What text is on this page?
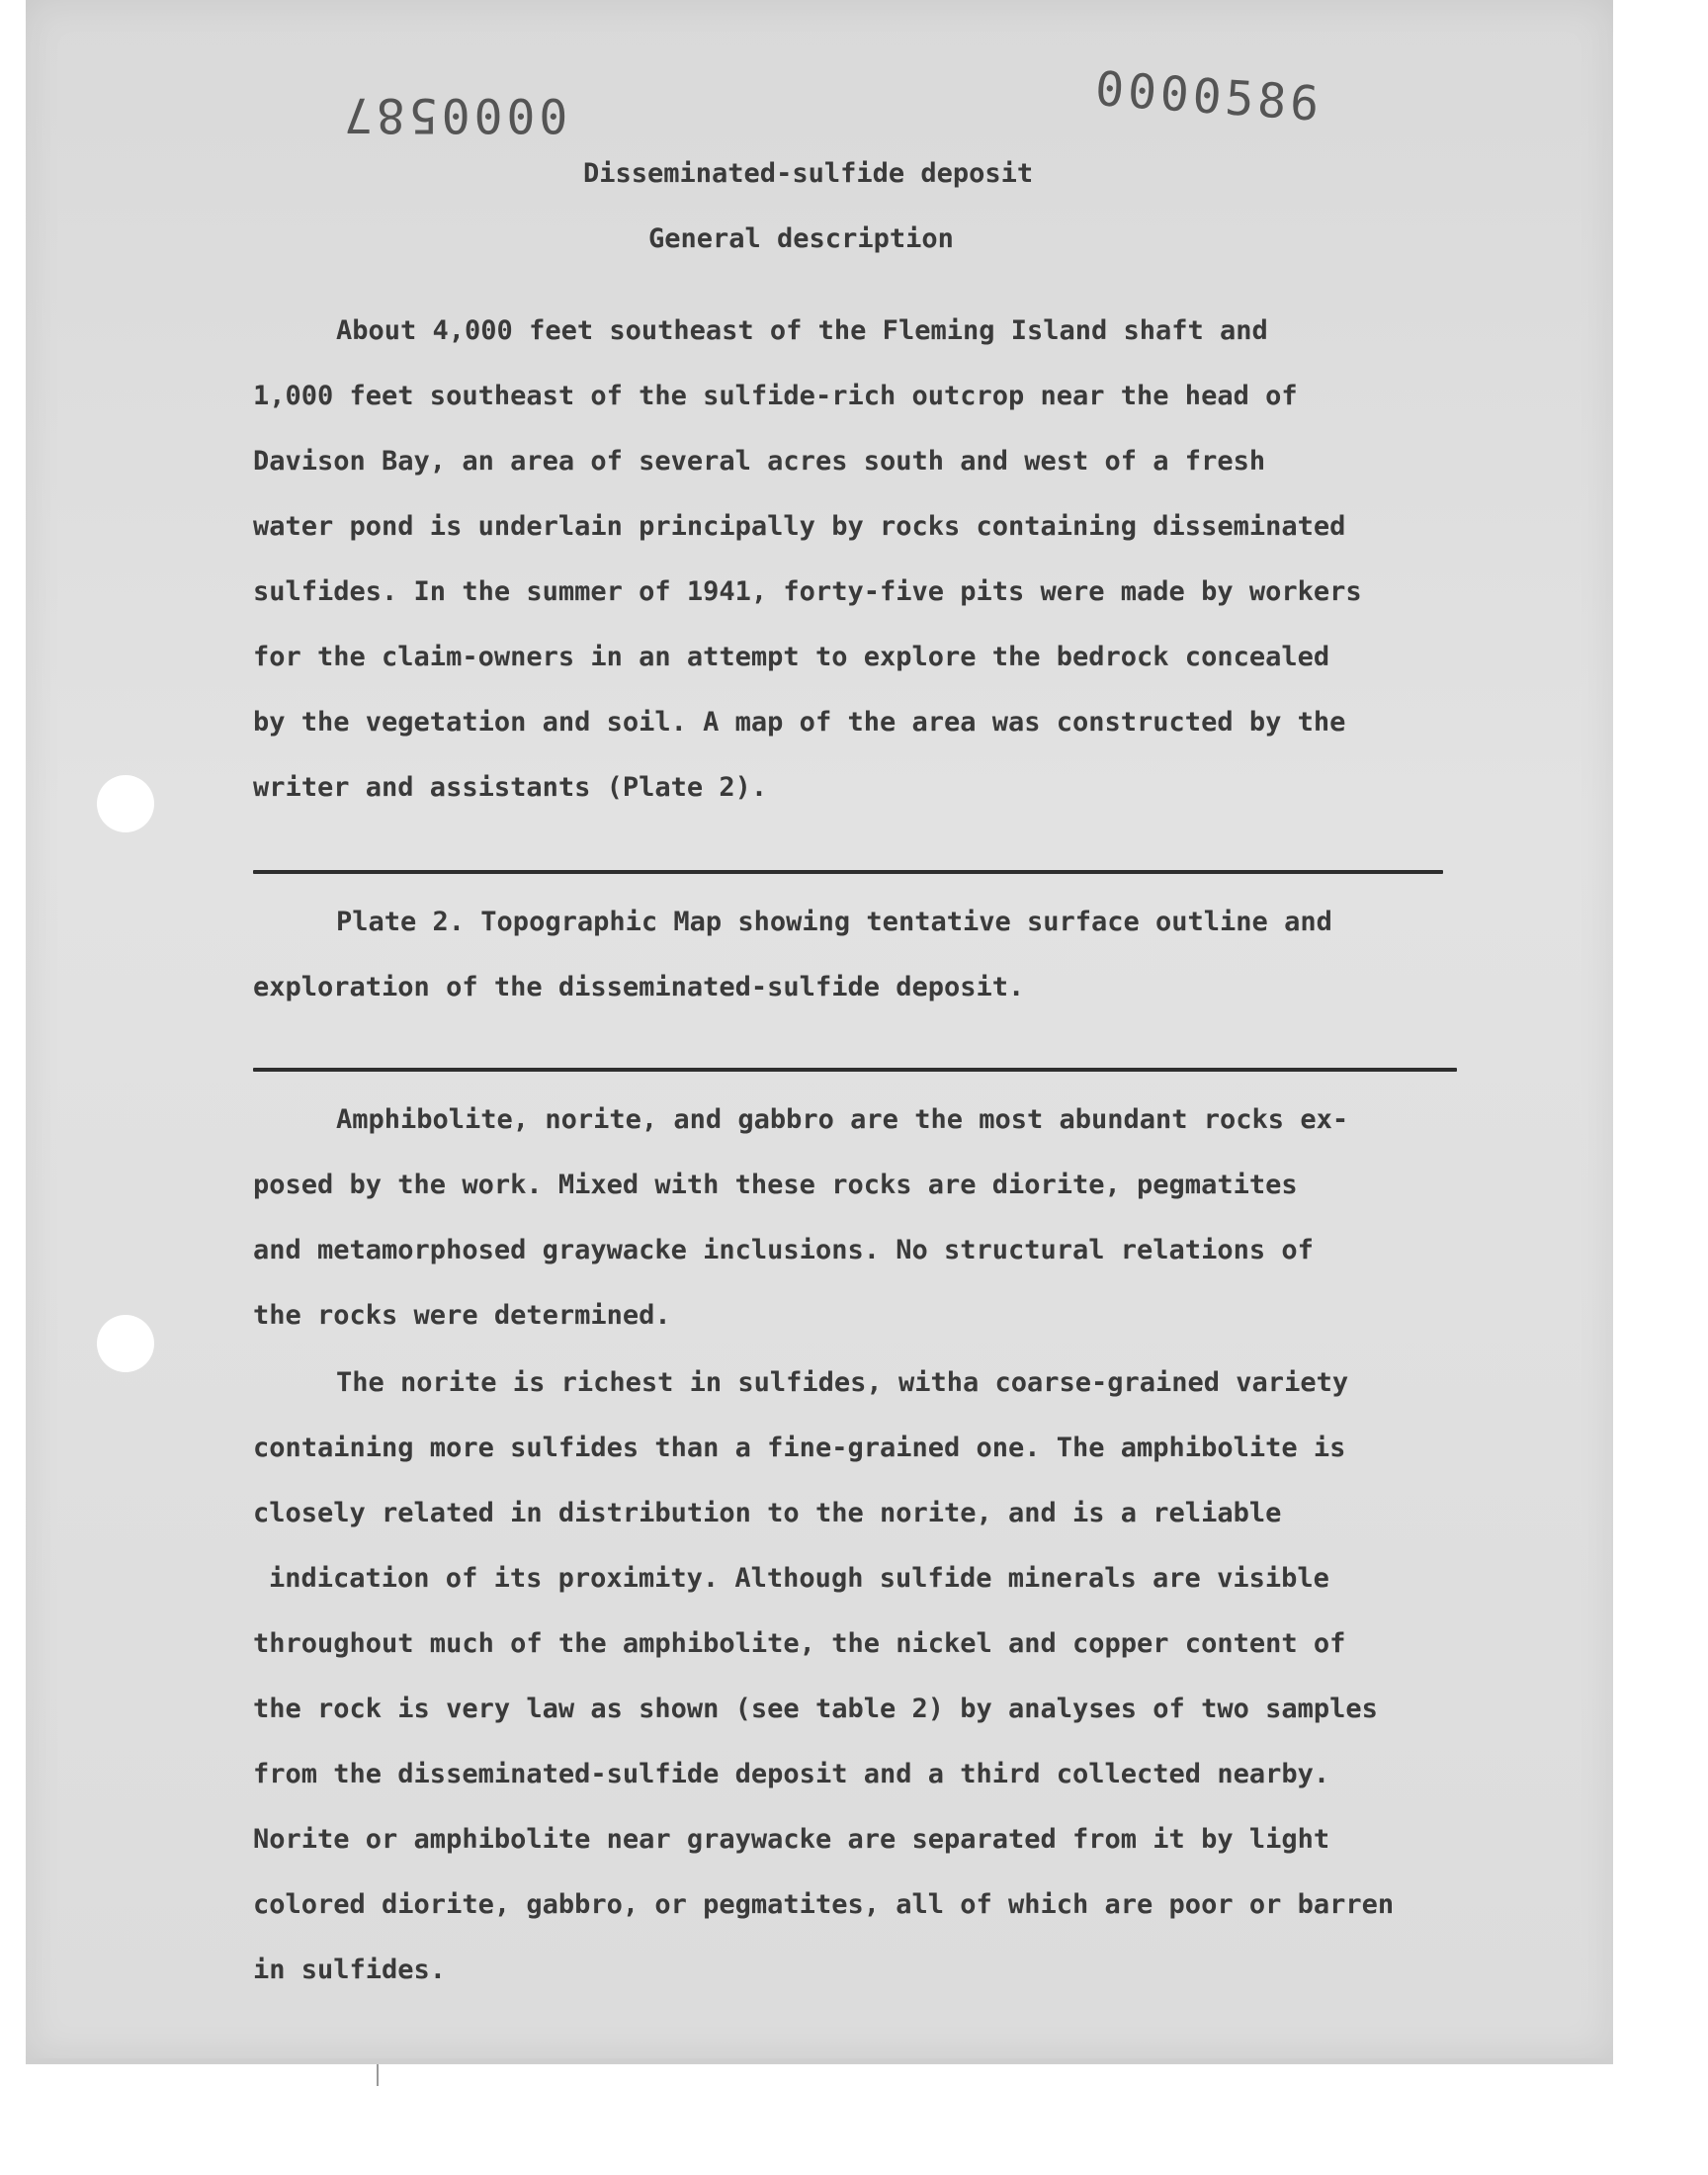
0000587	0000586
Disseminated-sulfide deposit
General description
About 4,000 feet southeast of the Fleming Island shaft and
1,000 feet southeast of the sulfide-rich outcrop near the head of
Davison Bay, an area of several acres south and west of a fresh
water pond is underlain principally by rocks containing disseminated
sulfides. In the summer of 1941, forty-five pits were made by workers
for the claim-owners in an attempt to explore the bedrock concealed
by the vegetation and soil. A map of the area was constructed by the
writer and assistants (Plate 2).
Plate 2. Topographic Map showing tentative surface outline and
exploration of the disseminated-sulfide deposit.
Amphibolite, norite, and gabbro are the most abundant rocks ex-
posed by the work. Mixed with these rocks are diorite, pegmatites
and metamorphosed graywacke inclusions. No structural relations of
the rocks were determined.
The norite is richest in sulfides, witha coarse-grained variety
containing more sulfides than a fine-grained one. The amphibolite is
closely related in distribution to the norite, and is a reliable
indication of its proximity. Although sulfide minerals are visible
throughout much of the amphibolite, the nickel and copper content of
the rock is very law as shown (see table 2) by analyses of two samples
from the disseminated-sulfide deposit and a third collected nearby.
Norite or amphibolite near graywacke are separated from it by light
colored diorite, gabbro, or pegmatites, all of which are poor or barren
in sulfides.
